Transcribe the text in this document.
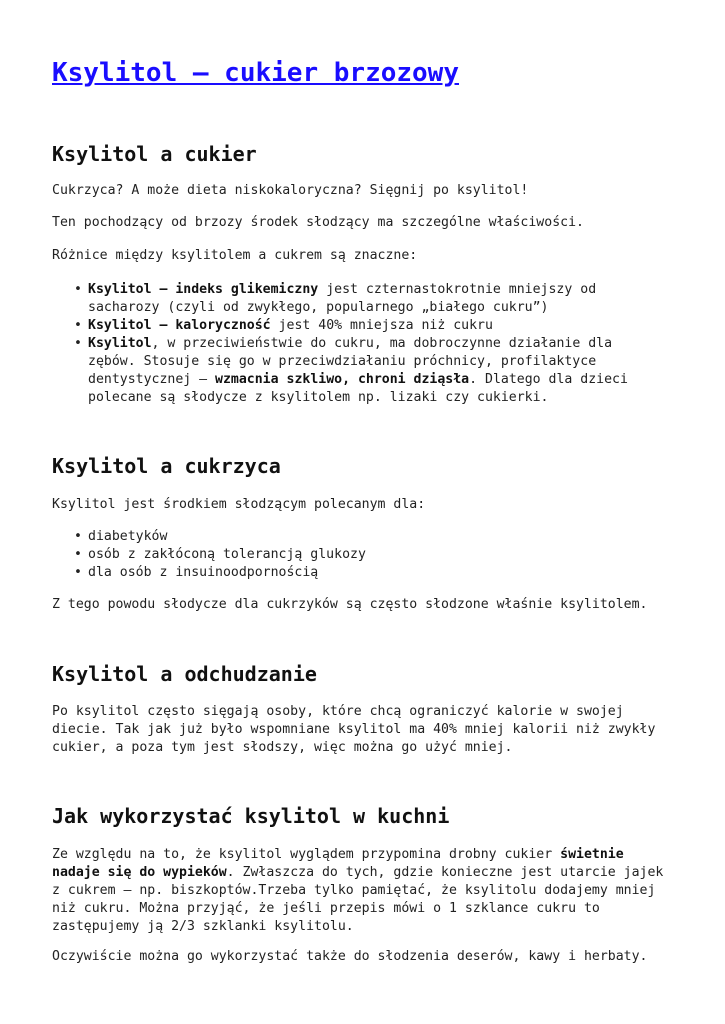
Ksylitol – cukier brzozowy
Ksylitol a cukier

Cukrzyca? A może dieta niskokaloryczna? Sięgnij po ksylitol!

Ten pochodzący od brzozy środek słodzący ma szczególne właściwości.

Różnice między ksylitolem a cukrem są znaczne:

• Ksylitol – indeks glikemiczny jest czternastokrotnie mniejszy od sacharozy (czyli od zwykłego, popularnego „białego cukru”)
• Ksylitol – kaloryczność jest 40% mniejsza niż cukru
• Ksylitol, w przeciwieństwie do cukru, ma dobroczynne działanie dla zębów. Stosuje się go w przeciwdziałaniu próchnicy, profilaktyce dentystycznej – wzmacnia szkliwo, chroni dziąsła. Dlatego dla dzieci polecane są słodycze z ksylitolem np. lizaki czy cukierki.
Ksylitol a cukrzyca

Ksylitol jest środkiem słodzącym polecanym dla:

• diabetyków
• osób z zakłóconą tolerancją glukozy
• dla osób z insuinoodpornością

Z tego powodu słodycze dla cukrzyków są często słodzone właśnie ksylitolem.

Ksylitol a odchudzanie

Po ksylitol często sięgają osoby, które chcą ograniczyć kalorie w swojej diecie. Tak jak już było wspomniane ksylitol ma 40% mniej kalorii niż zwykły cukier, a poza tym jest słodszy, więc można go użyć mniej.

Jak wykorzystać ksylitol w kuchni

Ze względu na to, że ksylitol wyglądem przypomina drobny cukier świetnie nadaje się do wypieków. Zwłaszcza do tych, gdzie konieczne jest utarcie jajek z cukrem – np. biszkoptów.Trzeba tylko pamiętać, że ksylitolu dodajemy mniej niż cukru. Można przyjąć, że jeśli przepis mówi o 1 szklance cukru to zastępujemy ją 2/3 szklanki ksylitolu.

Oczywiście można go wykorzystać także do słodzenia deserów, kawy i herbaty.
